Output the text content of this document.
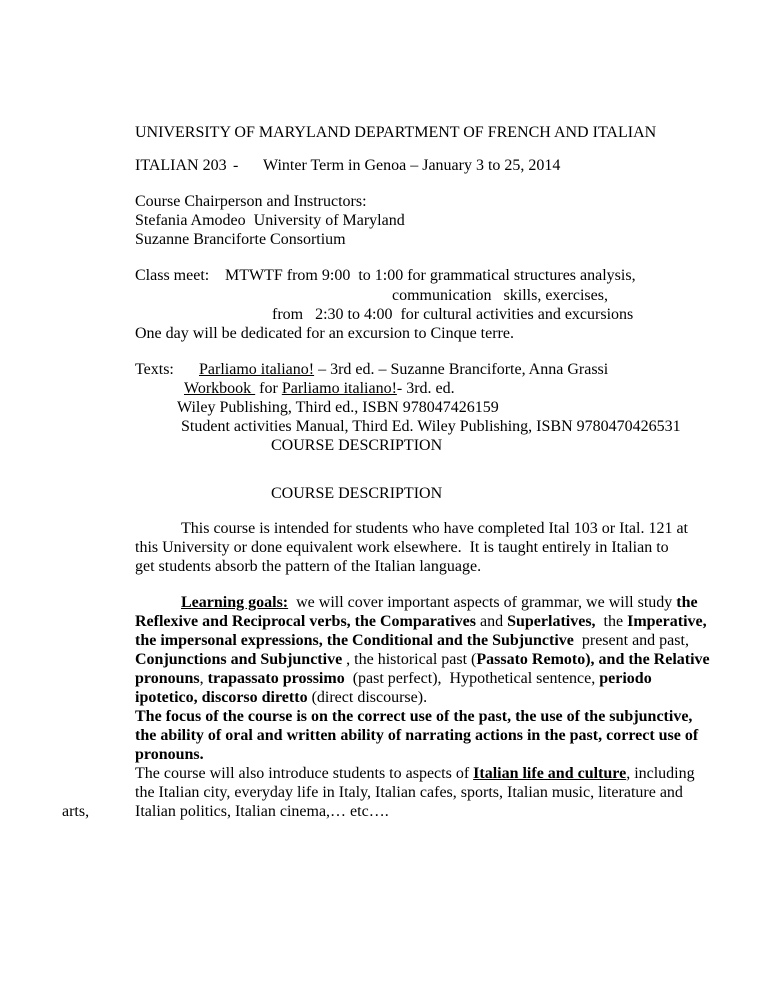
UNIVERSITY OF MARYLAND DEPARTMENT OF FRENCH AND ITALIAN
ITALIAN 203 - Winter Term in Genoa – January 3 to 25, 2014
Course Chairperson and Instructors:
Stefania Amodeo  University of Maryland
Suzanne Branciforte Consortium
Class meet: MTWTF from 9:00  to 1:00 for grammatical structures analysis,
communication   skills, exercises,
from   2:30 to 4:00  for cultural activities and excursions
One day will be dedicated for an excursion to Cinque terre.
Texts: Parliamo italiano! – 3rd ed. – Suzanne Branciforte, Anna Grassi
Workbook  for Parliamo italiano!- 3rd. ed.
Wiley Publishing, Third ed., ISBN 978047426159
Student activities Manual, Third Ed. Wiley Publishing, ISBN 9780470426531
COURSE DESCRIPTION
COURSE DESCRIPTION
This course is intended for students who have completed Ital 103 or Ital. 121 at
this University or done equivalent work elsewhere.  It is taught entirely in Italian to
get students absorb the pattern of the Italian language.
Learning goals:  we will cover important aspects of grammar, we will study the
Reflexive and Reciprocal verbs, the Comparatives and Superlatives,  the Imperative,
the impersonal expressions, the Conditional and the Subjunctive  present and past,
Conjunctions and Subjunctive , the historical past (Passato Remoto), and the Relative
pronouns, trapassato prossimo  (past perfect),  Hypothetical sentence, periodo
ipotetico, discorso diretto (direct discourse).
The focus of the course is on the correct use of the past, the use of the subjunctive,
the ability of oral and written ability of narrating actions in the past, correct use of
pronouns.
The course will also introduce students to aspects of Italian life and culture, including
the Italian city, everyday life in Italy, Italian cafes, sports, Italian music, literature and
arts,	Italian politics, Italian cinema,… etc….
